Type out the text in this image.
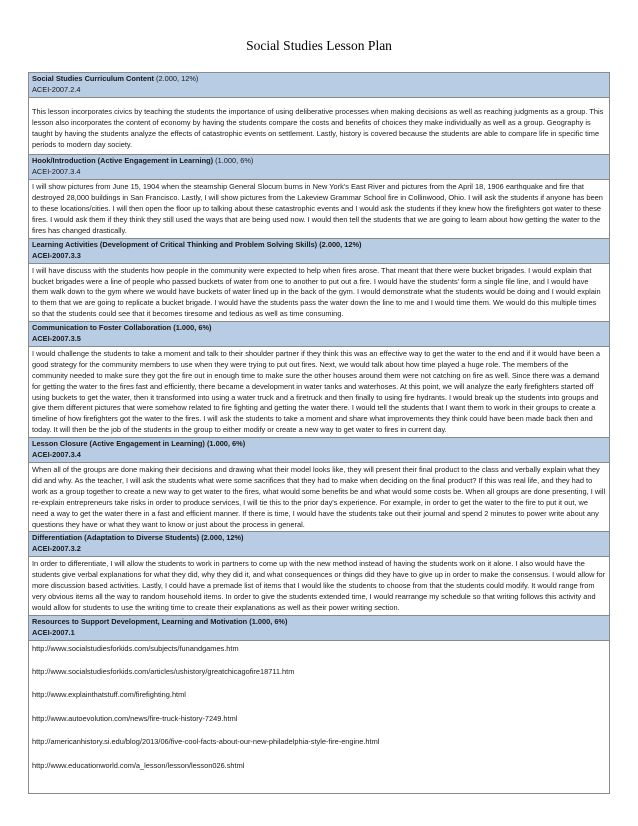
Social Studies Lesson Plan
Social Studies Curriculum Content (2.000, 12%)
ACEI-2007.2.4

This lesson incorporates civics by teaching the students the importance of using deliberative processes when making decisions as well as reaching judgments as a group. This lesson also incorporates the content of economy by having the students compare the costs and benefits of choices they make individually as well as a group. Geography is taught by having the students analyze the effects of catastrophic events on settlement. Lastly, history is covered because the students are able to compare life in specific time periods to modern day society.
Hook/Introduction (Active Engagement in Learning) (1.000, 6%)
ACEI-2007.3.4

I will show pictures from June 15, 1904 when the steamship General Slocum burns in New York's East River and pictures from the April 18, 1906 earthquake and fire that destroyed 28,000 buildings in San Francisco. Lastly, I will show pictures from the Lakeview Grammar School fire in Collinwood, Ohio. I will ask the students if anyone has been to these locations/cities. I will then open the floor up to talking about these catastrophic events and I would ask the students if they knew how the firefighters got water to these fires. I would ask them if they think they still used the ways that are being used now. I would then tell the students that we are going to learn about how getting the water to the fires has changed drastically.
Learning Activities (Development of Critical Thinking and Problem Solving Skills) (2.000, 12%)
ACEI-2007.3.3

I will have discuss with the students how people in the community were expected to help when fires arose. That meant that there were bucket brigades. I would explain that bucket brigades were a line of people who passed buckets of water from one to another to put out a fire. I would have the students' form a single file line, and I would have them walk down to the gym where we would have buckets of water lined up in the back of the gym. I would demonstrate what the students would be doing and I would explain to them that we are going to replicate a bucket brigade. I would have the students pass the water down the line to me and I would time them. We would do this multiple times so that the students could see that it becomes tiresome and tedious as well as time consuming.
Communication to Foster Collaboration (1.000, 6%)
ACEI-2007.3.5

I would challenge the students to take a moment and talk to their shoulder partner if they think this was an effective way to get the water to the end and if it would have been a good strategy for the community members to use when they were trying to put out fires. Next, we would talk about how time played a huge role. The members of the community needed to make sure they got the fire out in enough time to make sure the other houses around them were not catching on fire as well. Since there was a demand for getting the water to the fires fast and efficiently, there became a development in water tanks and waterhoses. At this point, we will analyze the early firefighters started off using buckets to get the water, then it transformed into using a water truck and a firetruck and then finally to using fire hydrants. I would break up the students into groups and give them different pictures that were somehow related to fire fighting and getting the water there. I would tell the students that I want them to work in their groups to create a timeline of how firefighters got the water to the fires. I will ask the students to take a moment and share what improvements they think could have been made back then and today. It will then be the job of the students in the group to either modify or create a new way to get water to fires in current day.
Lesson Closure (Active Engagement in Learning) (1.000, 6%)
ACEI-2007.3.4

When all of the groups are done making their decisions and drawing what their model looks like, they will present their final product to the class and verbally explain what they did and why. As the teacher, I will ask the students what were some sacrifices that they had to make when deciding on the final product? If this was real life, and they had to work as a group together to create a new way to get water to the fires, what would some benefits be and what would some costs be. When all groups are done presenting, I will re-explain entrepreneurs take risks in order to produce services, I will tie this to the prior day's experience. For example, in order to get the water to the fire to put it out, we need a way to get the water there in a fast and efficient manner. If there is time, I would have the students take out their journal and spend 2 minutes to power write about any questions they have or what they want to know or just about the process in general.
Differentiation (Adaptation to Diverse Students) (2.000, 12%)
ACEI-2007.3.2

In order to differentiate, I will allow the students to work in partners to come up with the new method instead of having the students work on it alone. I also would have the students give verbal explanations for what they did, why they did it, and what consequences or things did they have to give up in order to make the consensus. I would allow for more discussion based activities. Lastly, I could have a premade list of items that I would like the students to choose from that the students could modify. It would range from very obvious items all the way to random household items. In order to give the students extended time, I would rearrange my schedule so that writing follows this activity and would allow for students to use the writing time to create their explanations as well as their power writing section.
Resources to Support Development, Learning and Motivation (1.000, 6%)
ACEI-2007.1

http://www.socialstudiesforkids.com/subjects/funandgames.htm
http://www.socialstudiesforkids.com/articles/ushistory/greatchicagofire18711.htm
http://www.explainthatstuff.com/firefighting.html
http://www.autoevolution.com/news/fire-truck-history-7249.html
http://americanhistory.si.edu/blog/2013/06/five-cool-facts-about-our-new-philadelphia-style-fire-engine.html
http://www.educationworld.com/a_lesson/lesson/lesson026.shtml
